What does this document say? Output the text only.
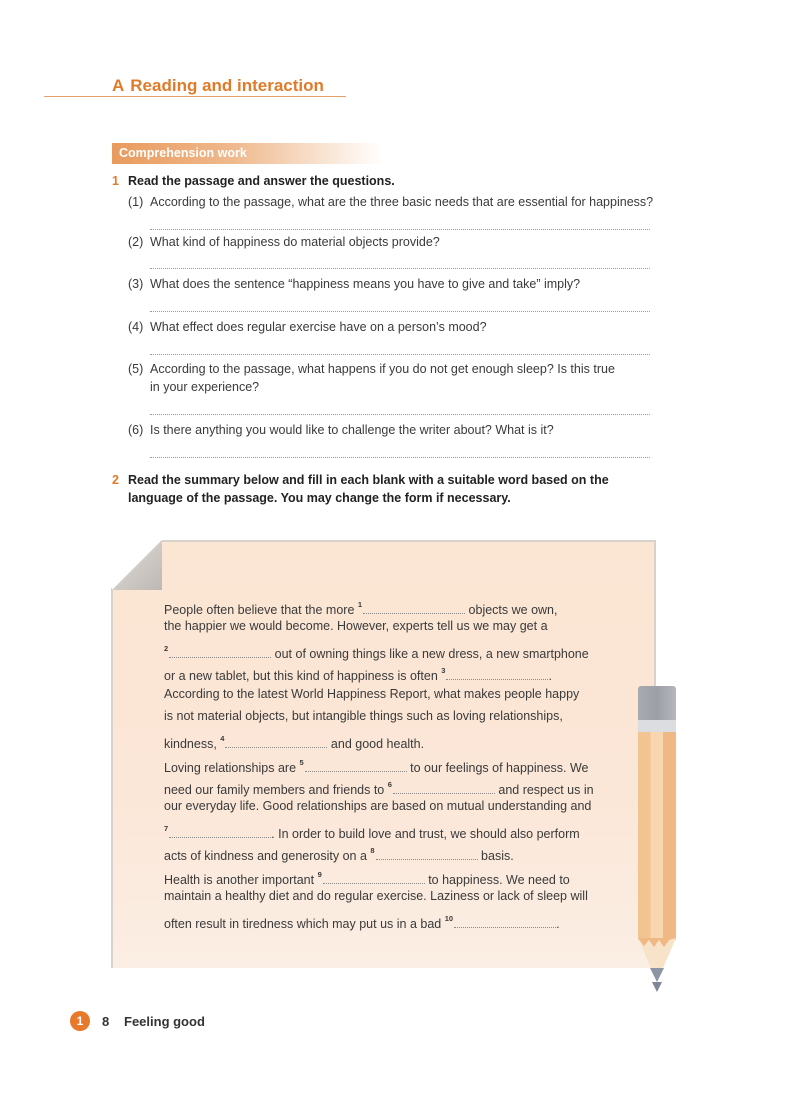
A Reading and interaction
Comprehension work
1 Read the passage and answer the questions.
(1) According to the passage, what are the three basic needs that are essential for happiness?
(2) What kind of happiness do material objects provide?
(3) What does the sentence “happiness means you have to give and take” imply?
(4) What effect does regular exercise have on a person’s mood?
(5) According to the passage, what happens if you do not get enough sleep? Is this true
in your experience?
(6) Is there anything you would like to challenge the writer about? What is it?
2 Read the summary below and fill in each blank with a suitable word based on the
language of the passage. You may change the form if necessary.
People often believe that the more $^1$	objects we own,
the happier we would become. However, experts tell us we may get a
$^2$	out of owning things like a new dress, a new smartphone
or a new tablet, but this kind of happiness is often $^3$	.
According to the latest World Happiness Report, what makes people happy
is not material objects, but intangible things such as loving relationships,
kindness, $^4$	and good health.
Loving relationships are $^5$	to our feelings of happiness. We
need our family members and friends to $^6$	and respect us in
our everyday life. Good relationships are based on mutual understanding and
$^7$	. In order to build love and trust, we should also perform
acts of kindness and generosity on a $^8$	basis.
Health is another important $^9$	to happiness. We need to
maintain a healthy diet and do regular exercise. Laziness or lack of sleep will
often result in tiredness which may put us in a bad $^{10}$	.
1	8 Feeling good
